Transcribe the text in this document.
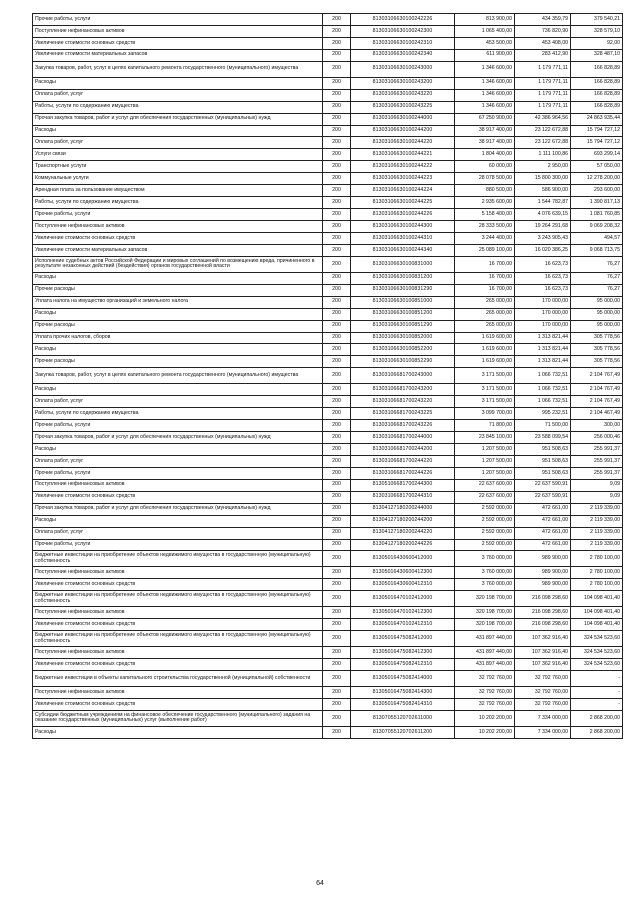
Прочие работы, услуги	200	81303106630100242226	813 900,00	434 359,79	379 540,21
Поступление нефинансовых активов	200	81303106630100242300	1 065 400,00	736 820,90	328 579,10
Увеличение стоимости основных средств	200	81303106630100242310	453 500,00	453 408,00	92,00
Увеличение стоимости материальных запасов	200	81303106630100242340	611 900,00	283 412,90	328 487,10
Закупка товаров, работ, услуг в целях капитального ремонта государственного (муниципального) имущества	200	81303106630100243000	1 346 600,00	1 179 771,11	166 828,89
Расходы	200	81303106630100243200	1 346 600,00	1 179 771,11	166 828,89
Оплата работ, услуг	200	81303106630100243220	1 346 600,00	1 179 771,11	166 828,89
Работы, услуги по содержанию имущества	200	81303106630100243225	1 346 600,00	1 179 771,11	166 828,89
Прочая закупка товаров, работ и услуг для обеспечения государственных (муниципальных) нужд	200	81303106630100244000	67 250 900,00	42 386 964,56	24 863 935,44
Расходы	200	81303106630100244200	38 917 400,00	23 122 672,88	15 794 727,12
Оплата работ, услуг	200	81303106630100244220	38 917 400,00	23 122 672,88	15 794 727,12
Услуги связи	200	81303106630100244221	1 804 400,00	1 111 100,86	693 299,14
Транспортные услуги	200	81303106630100244222	60 000,00	2 950,00	57 050,00
Коммунальные услуги	200	81303106630100244223	28 078 500,00	15 800 300,00	12 278 200,00
Арендная плата за пользование имуществом	200	81303106630100244224	880 500,00	586 900,00	293 600,00
Работы, услуги по содержанию имущества	200	81303106630100244225	2 935 600,00	1 544 782,87	1 390 817,13
Прочие работы, услуги	200	81303106630100244226	5 158 400,00	4 076 639,15	1 081 760,85
Поступление нефинансовых активов	200	81303106630100244300	28 333 500,00	19 264 291,68	9 069 208,32
Увеличение стоимости основных средств	200	81303106630100244310	3 244 400,00	3 243 905,43	494,57
Увеличение стоимости материальных запасов	200	81303106630100244340	25 089 100,00	16 020 386,25	9 068 713,75
Исполнение судебных актов Российской Федерации и мировых соглашений по возмещению вреда, причиненного в результате незаконных действий (бездействия) органов государственной власти	200	81303106630100831000	16 700,00	16 623,73	76,27
Расходы	200	81303106630100831200	16 700,00	16 623,73	76,27
Прочие расходы	200	81303106630100831290	16 700,00	16 623,73	76,27
Уплата налога на имущество организаций и земельного налога	200	81303106630100851000	265 000,00	170 000,00	95 000,00
Расходы	200	81303106630100851200	265 000,00	170 000,00	95 000,00
Прочие расходы	200	81303106630100851290	265 000,00	170 000,00	95 000,00
Уплата прочих налогов, сборов	200	81303106630100852000	1 619 600,00	1 313 821,44	305 778,56
Расходы	200	81303106630100852200	1 619 600,00	1 313 821,44	305 778,56
Прочие расходы	200	81303106630100852290	1 619 600,00	1 313 821,44	305 778,56
Закупка товаров, работ, услуг в целях капитального ремонта государственного (муниципального) имущества	200	81303106681700243000	3 171 500,00	1 066 732,51	2 104 767,49
Расходы	200	81303106681700243200	3 171 500,00	1 066 732,51	2 104 767,49
Оплата работ, услуг	200	81303106681700243220	3 171 500,00	1 066 732,51	2 104 767,49
Работы, услуги по содержанию имущества	200	81303106681700243225	3 099 700,00	995 232,51	2 104 467,49
Прочие работы, услуги	200	81303106681700243226	71 800,00	71 500,00	300,00
Прочая закупка товаров, работ и услуг для обеспечения государственных (муниципальных) нужд	200	81303106681700244000	23 845 100,00	23 588 099,54	256 000,46
Расходы	200	81303106681700244200	1 207 500,00	951 508,63	255 991,37
Оплата работ, услуг	200	81303106681700244220	1 207 500,00	951 508,63	255 991,37
Прочие работы, услуги	200	81303106681700244226	1 207 500,00	951 508,63	255 991,37
Поступление нефинансовых активов	200	81305106681700244300	22 637 600,00	22 637 590,91	9,09
Увеличение стоимости основных средств	200	81303106681700244310	22 637 600,00	22 637 590,91	9,09
Прочая закупка товаров, работ и услуг для обеспечения государственных (муниципальных) нужд	200	81304127180200244000	2 592 000,00	472 661,00	2 119 339,00
Расходы	200	81304127180200244200	2 592 000,00	472 661,00	2 119 339,00
Оплата работ, услуг	200	81304127180200244220	2 592 000,00	472 661,00	2 119 339,00
Прочие работы, услуги	200	81304127180200244226	2 592 000,00	472 661,00	2 119 339,00
Бюджетные инвестиции на приобретение объектов недвижимого имущества в государственную (муниципальную) собственность	200	81305016430600412000	3 760 000,00	989 900,00	2 780 100,00
Поступление нефинансовых активов	200	81305016430600412300	3 760 000,00	989 900,00	2 780 100,00
Увеличение стоимости основных средств	200	81305016430600412310	3 760 000,00	989 900,00	2 780 100,00
Бюджетные инвестиции на приобретение объектов недвижимого имущества в государственную (муниципальную) собственность	200	81305016470102412000	320 198 700,00	216 098 298,60	104 098 401,40
Поступление нефинансовых активов	200	81305016470102412300	320 198 700,00	216 098 298,60	104 098 401,40
Увеличение стоимости основных средств	200	81305016470102412310	320 198 700,00	216 098 298,60	104 098 401,40
Бюджетные инвестиции на приобретение объектов недвижимого имущества в государственную (муниципальную) собственность	200	81305016475082412000	431 897 440,00	107 362 916,40	324 534 523,60
Поступление нефинансовых активов	200	81305016475082412300	431 897 440,00	107 362 916,40	324 534 523,60
Увеличение стоимости основных средств	200	81305016475082412310	431 897 440,00	107 362 916,40	324 534 523,60
Бюджетные инвестиции в объекты капитального строительства государственной (муниципальной) собственности	200	81305016475082414000	32 792 760,00	32 792 760,00	-
Поступление нефинансовых активов	200	81305016475082414300	32 792 760,00	32 792 760,00	-
Увеличение стоимости основных средств	200	81305016475082414310	32 792 760,00	32 792 760,00	-
Субсидии бюджетным учреждениям на финансовое обеспечение государственного (муниципального) задания на оказание государственных (муниципальных) услуг (выполнение работ)	200	81307055120702611000	10 202 200,00	7 334 000,00	2 868 200,00
Расходы	200	81307055120702611200	10 202 200,00	7 334 000,00	2 868 200,00
64
